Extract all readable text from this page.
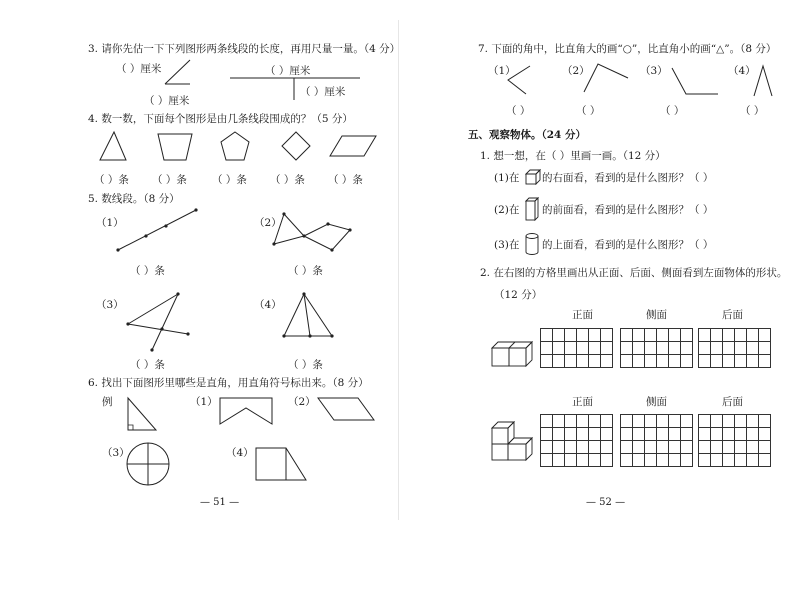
3. 请你先估一下下列图形两条线段的长度，再用尺量一量。（4 分）
（ ）厘米
（ ）厘米
（ ）厘米
（ ）厘米
4. 数一数，下面每个图形是由几条线段围成的？（5 分）
（ ）条 （ ）条 （ ）条 （ ）条 （ ）条
5. 数线段。（8 分）
（1）
（ ）条
（2）
（ ）条
（3）
（ ）条
（4）
（ ）条
6. 找出下面图形里哪些是直角，用直角符号标出来。（8 分）
例	（1）	（2）
（3）	（4）
— 51 —
7. 下面的角中，比直角大的画“○”，比直角小的画“△”。（8 分）
（1）	（2）	（3）	（4）
（ ）	（ ）	（ ）	（ ）
五、观察物体。（24 分）
1. 想一想，在（ ）里画一画。（12 分）
(1)在 的右面看，看到的是什么图形？（ ）
(2)在 的前面看，看到的是什么图形？（ ）
(3)在 的上面看，看到的是什么图形？（ ）
2. 在右图的方格里画出从正面、后面、侧面看到左面物体的形状。
（12 分）
正面	侧面	后面

正面	侧面	后面

— 52 —
